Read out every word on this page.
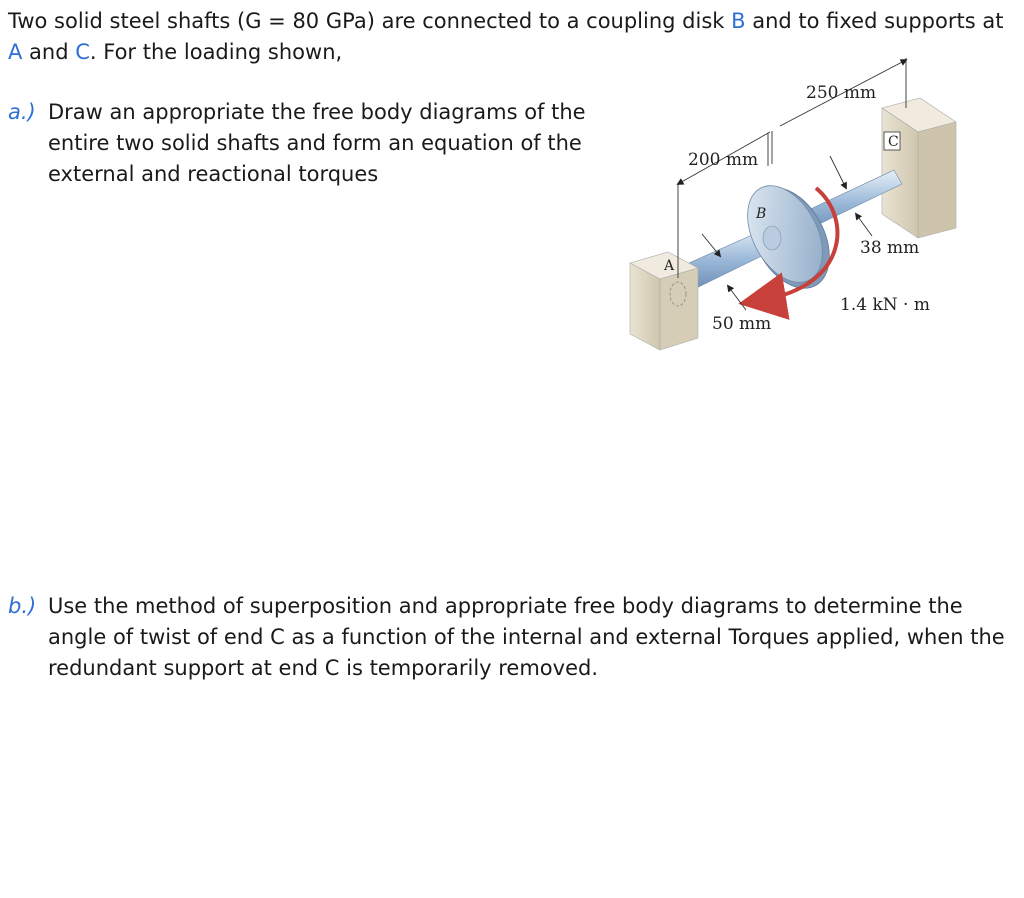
Two solid steel shafts (G = 80 GPa) are connected to a coupling disk B and to fixed supports at A and C. For the loading shown,

a.) Draw an appropriate the free body diagrams of the entire two solid shafts and form an equation of the external and reactional torques
b.) Use the method of superposition and appropriate free body diagrams to determine the angle of twist of end C as a function of the internal and external Torques applied, when the redundant support at end C is temporarily removed.
C
B
A
250 mm
200 mm
38 mm
50 mm
1.4 kN · m
